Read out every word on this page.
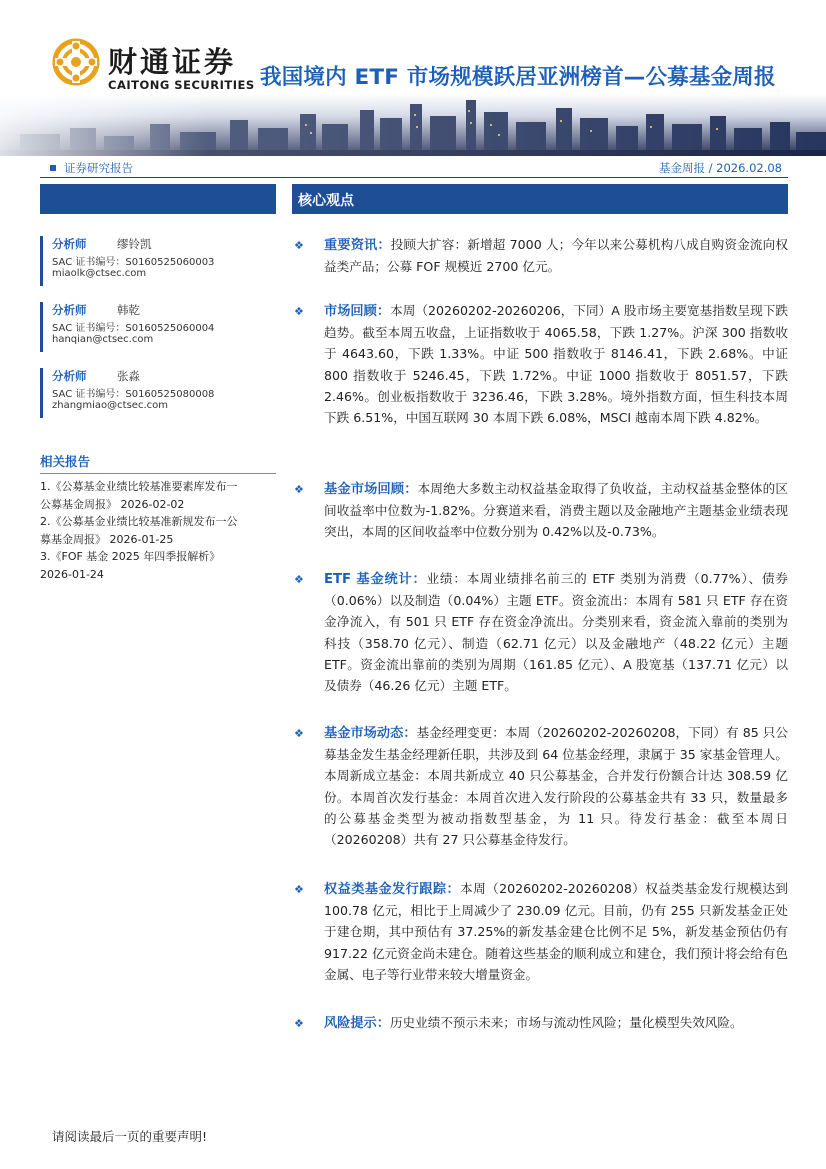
财通证券
CAITONG SECURITIES 我国境内 ETF 市场规模跃居亚洲榜首—公募基金周报
证券研究报告	基金周报 / 2026.02.08
分析师	缪铃凯
SAC 证书编号：S0160525060003
miaolk@ctsec.com
分析师	韩乾
SAC 证书编号：S0160525060004
hanqian@ctsec.com
分析师	张淼
SAC 证书编号：S0160525080008
zhangmiao@ctsec.com
相关报告
1.《公募基金业绩比较基准要素库发布一
公募基金周报》 2026-02-02
2.《公募基金业绩比较基准新规发布一公
募基金周报》 2026-01-25
3.《FOF 基金 2025 年四季报解析》
2026-01-24
核心观点
❖ 重要资讯：投顾大扩容：新增超 7000 人；今年以来公募机构八成自购资金流向权益类产品；公募 FOF 规模近 2700 亿元。
❖ 市场回顾：本周（20260202-20260206，下同）A 股市场主要宽基指数呈现下跌趋势。截至本周五收盘，上证指数收于 4065.58，下跌 1.27%。沪深 300 指数收于 4643.60，下跌 1.33%。中证 500 指数收于 8146.41，下跌 2.68%。中证 800 指数收于 5246.45，下跌 1.72%。中证 1000 指数收于 8051.57，下跌 2.46%。创业板指数收于 3236.46，下跌 3.28%。境外指数方面，恒生科技本周下跌 6.51%，中国互联网 30 本周下跌 6.08%，MSCI 越南本周下跌 4.82%。
❖ 基金市场回顾：本周绝大多数主动权益基金取得了负收益，主动权益基金整体的区间收益率中位数为-1.82%。分赛道来看，消费主题以及金融地产主题基金业绩表现突出，本周的区间收益率中位数分别为 0.42%以及-0.73%。
❖ ETF 基金统计：业绩：本周业绩排名前三的 ETF 类别为消费（0.77%）、债券（0.06%）以及制造（0.04%）主题 ETF。资金流出：本周有 581 只 ETF 存在资金净流入，有 501 只 ETF 存在资金净流出。分类别来看，资金流入靠前的类别为科技（358.70 亿元）、制造（62.71 亿元）以及金融地产（48.22 亿元）主题 ETF。资金流出靠前的类别为周期（161.85 亿元）、A 股宽基（137.71 亿元）以及债券（46.26 亿元）主题 ETF。
❖ 基金市场动态：基金经理变更：本周（20260202-20260208，下同）有 85 只公募基金发生基金经理新任职，共涉及到 64 位基金经理，隶属于 35 家基金管理人。本周新成立基金：本周共新成立 40 只公募基金，合并发行份额合计达 308.59 亿份。本周首次发行基金：本周首次进入发行阶段的公募基金共有 33 只，数量最多的公募基金类型为被动指数型基金，为 11 只。待发行基金：截至本周日（20260208）共有 27 只公募基金待发行。
❖ 权益类基金发行跟踪：本周（20260202-20260208）权益类基金发行规模达到 100.78 亿元，相比于上周减少了 230.09 亿元。目前，仍有 255 只新发基金正处于建仓期，其中预估有 37.25%的新发基金建仓比例不足 5%，新发基金预估仍有 917.22 亿元资金尚未建仓。随着这些基金的顺利成立和建仓，我们预计将会给有色金属、电子等行业带来较大增量资金。
❖ 风险提示：历史业绩不预示未来；市场与流动性风险；量化模型失效风险。
请阅读最后一页的重要声明!
